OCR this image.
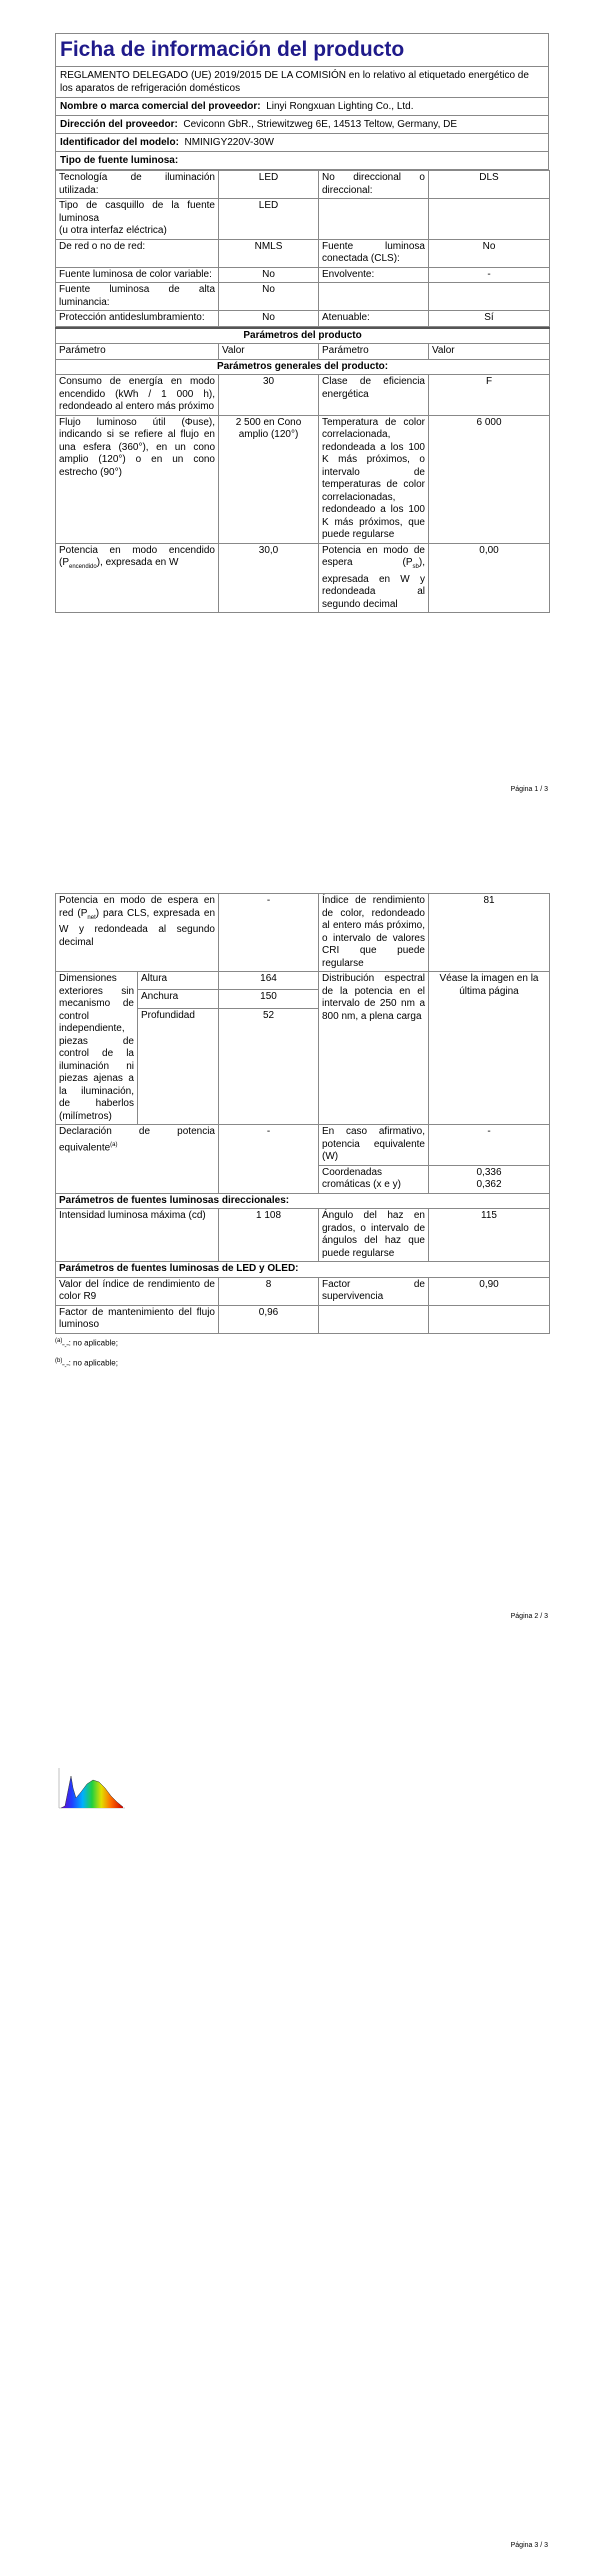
Ficha de información del producto
REGLAMENTO DELEGADO (UE) 2019/2015 DE LA COMISIÓN en lo relativo al etiquetado energético de los aparatos de refrigeración domésticos
Nombre o marca comercial del proveedor: Linyi Rongxuan Lighting Co., Ltd.
Dirección del proveedor: Ceviconn GbR., Striewitzweg 6E, 14513 Teltow, Germany, DE
Identificador del modelo: NMINIGY220V-30W
Tipo de fuente luminosa:
Tecnología de iluminación utilizada:	LED	No direccional o direccional:	DLS
Tipo de casquillo de la fuente luminosa
(u otra interfaz eléctrica)	LED		
De red o no de red:	NMLS	Fuente luminosa conectada (CLS):	No
Fuente luminosa de color variable:	No	Envolvente:	-
Fuente luminosa de alta luminancia:	No		
Protección antideslumbramiento:	No	Atenuable:	Sí
Parámetros del producto			
Parámetro	Valor	Parámetro	Valor
Parámetros generales del producto:			
Consumo de energía en modo encendido (kWh / 1 000 h), redondeado al entero más próximo	30	Clase de eficiencia energética	F
Flujo luminoso útil (Φuse), indicando si se refiere al flujo en una esfera (360°), en un cono amplio (120°) o en un cono estrecho (90°)	2 500 en Cono amplio (120°)	Temperatura de color correlacionada, redondeada a los 100 K más próximos, o intervalo de temperaturas de color correlacionadas, redondeado a los 100 K más próximos, que puede regularse	6 000
Potencia en modo encendido $(P_{encendido})$, expresada en W	30,0	Potencia en modo de espera $(P_{sb})$, expresada en W y redondeada al segundo decimal	0,00
Página 1 / 3
Potencia en modo de espera en red $(P_{net})$ para CLS, expresada en W y redondeada al segundo decimal		-	Índice de rendimiento de color, redondeado al entero más próximo, o intervalo de valores CRI que puede regularse	81
Dimensiones exteriores sin mecanismo de control independiente, piezas de control de la iluminación ni piezas ajenas a la iluminación, de haberlos (milímetros)	Altura	164	Distribución espectral de la potencia en el intervalo de 250 nm a 800 nm, a plena carga	Véase la imagen en la última página
	Anchura	150		
	Profundidad	52		

Declaración de potencia equivalente$^{(a)}$		-	En caso afirmativo, potencia equivalente (W)	-
			Coordenadas cromáticas (x e y)	0,336
0,362

Parámetros de fuentes luminosas direccionales:				
Intensidad luminosa máxima (cd)		1 108	Ángulo del haz en grados, o intervalo de ángulos del haz que puede regularse	115
Parámetros de fuentes luminosas de LED y OLED:				
Valor del índice de rendimiento de color R9		8	Factor de supervivencia	0,90
Factor de mantenimiento del flujo luminoso		0,96		
$^{(a)}_{"-"}$: no aplicable;
$^{(b)}_{"-"}$: no aplicable;
Página 2 / 3
Página 3 / 3
